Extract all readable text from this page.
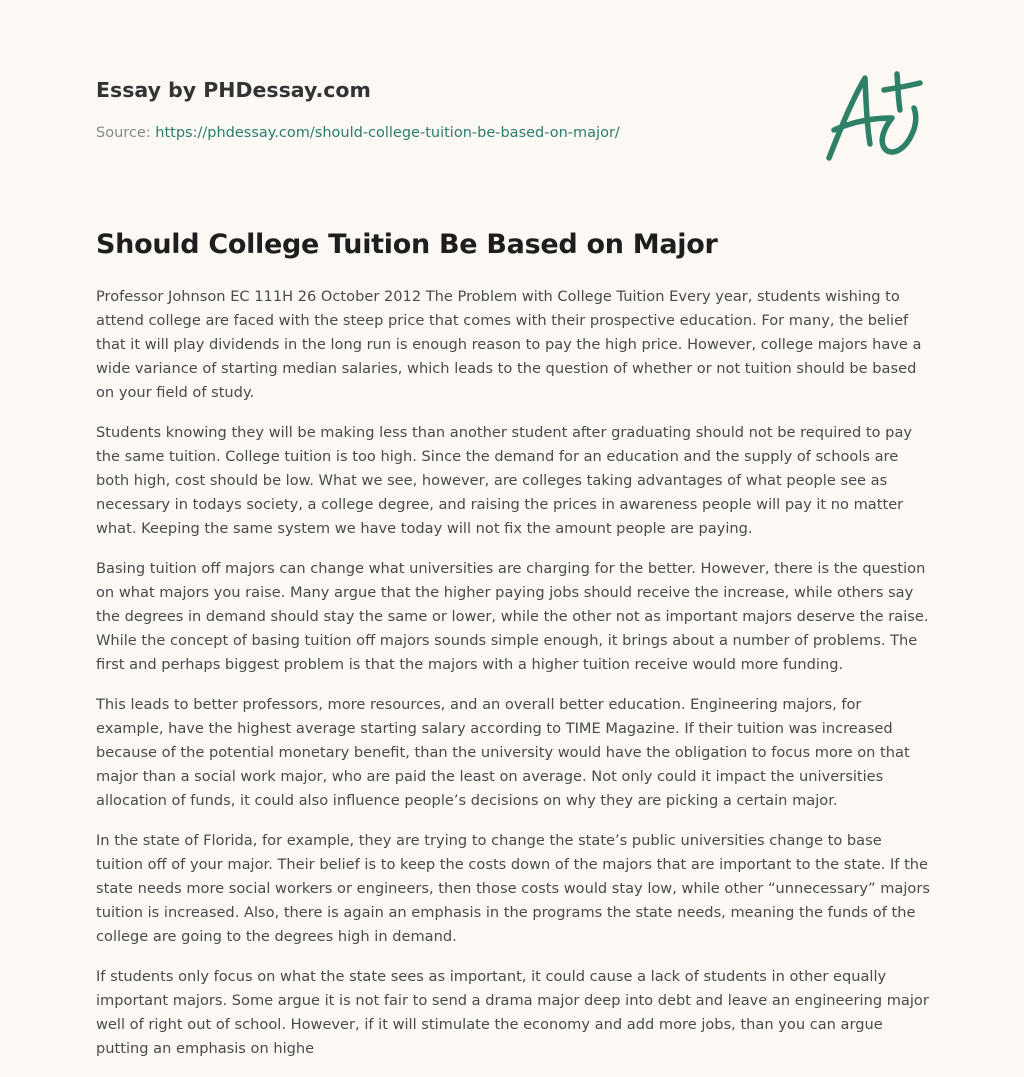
Essay by PHDessay.com
Source: https://phdessay.com/should-college-tuition-be-based-on-major/
Should College Tuition Be Based on Major

Professor Johnson EC 111H 26 October 2012 The Problem with College Tuition Every year, students wishing to attend college are faced with the steep price that comes with their prospective education. For many, the belief that it will play dividends in the long run is enough reason to pay the high price. However, college majors have a wide variance of starting median salaries, which leads to the question of whether or not tuition should be based on your field of study.

Students knowing they will be making less than another student after graduating should not be required to pay the same tuition. College tuition is too high. Since the demand for an education and the supply of schools are both high, cost should be low. What we see, however, are colleges taking advantages of what people see as necessary in todays society, a college degree, and raising the prices in awareness people will pay it no matter what. Keeping the same system we have today will not fix the amount people are paying.

Basing tuition off majors can change what universities are charging for the better. However, there is the question on what majors you raise. Many argue that the higher paying jobs should receive the increase, while others say the degrees in demand should stay the same or lower, while the other not as important majors deserve the raise. While the concept of basing tuition off majors sounds simple enough, it brings about a number of problems. The first and perhaps biggest problem is that the majors with a higher tuition receive would more funding.

This leads to better professors, more resources, and an overall better education. Engineering majors, for example, have the highest average starting salary according to TIME Magazine. If their tuition was increased because of the potential monetary benefit, than the university would have the obligation to focus more on that major than a social work major, who are paid the least on average. Not only could it impact the universities allocation of funds, it could also influence people’s decisions on why they are picking a certain major.

In the state of Florida, for example, they are trying to change the state’s public universities change to base tuition off of your major. Their belief is to keep the costs down of the majors that are important to the state. If the state needs more social workers or engineers, then those costs would stay low, while other “unnecessary” majors tuition is increased. Also, there is again an emphasis in the programs the state needs, meaning the funds of the college are going to the degrees high in demand.

If students only focus on what the state sees as important, it could cause a lack of students in other equally important majors. Some argue it is not fair to send a drama major deep into debt and leave an engineering major well of right out of school. However, if it will stimulate the economy and add more jobs, than you can argue putting an emphasis on highe
